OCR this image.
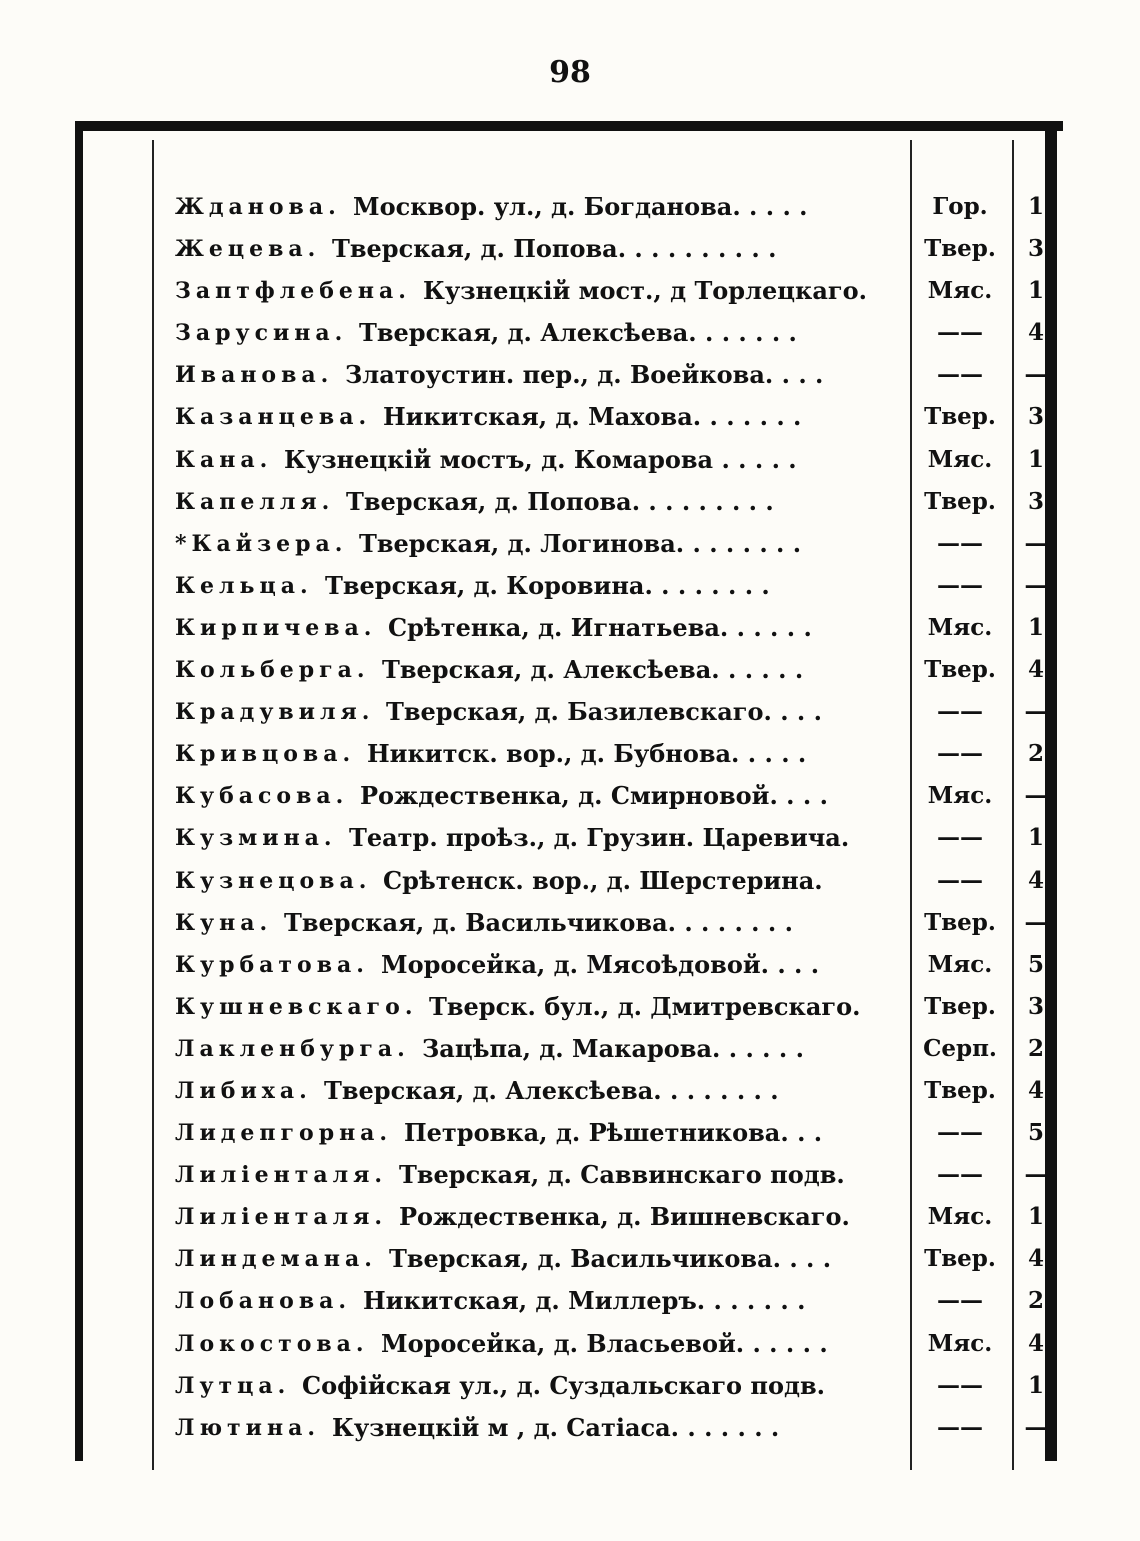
98
Жданова. Москвор. ул., д. Богданова. . . . .	Гор.	1
Жецева. Тверская, д. Попова. . . . . . . . . .	Твер.	3
Заптфлебена. Кузнецкій мост., д Торлецкаго.	Мяс.	1
Зарусина. Тверская, д. Алексѣева. . . . . . .	——	4
Иванова. Златоустин. пер., д. Воейкова. . . .	——	—
Казанцева. Никитская, д. Махова. . . . . . .	Твер.	3
Кана. Кузнецкій мостъ, д. Комарова . . . . .	Мяс.	1
Капелля. Тверская, д. Попова. . . . . . . . .	Твер.	3
*Кайзера. Тверская, д. Логинова. . . . . . . .	——	—
Кельца. Тверская, д. Коровина. . . . . . . .	——	—
Кирпичева. Срѣтенка, д. Игнатьева. . . . . .	Мяс.	1
Кольберга. Тверская, д. Алексѣева. . . . . .	Твер.	4
Крадувиля. Тверская, д. Базилевскаго. . . .	——	—
Кривцова. Никитск. вор., д. Бубнова. . . . .	——	2
Кубасова. Рождественка, д. Смирновой. . . .	Мяс.	—
Кузмина. Театр. проѣз., д. Грузин. Царевича.	——	1
Кузнецова. Срѣтенск. вор., д. Шерстерина.	——	4
Куна. Тверская, д. Васильчикова. . . . . . . .	Твер.	—
Курбатова. Моросейка, д. Мясоѣдовой. . . .	Мяс.	5
Кушневскаго. Тверск. бул., д. Дмитревскаго.	Твер.	3
Лакленбурга. Зацѣпа, д. Макарова. . . . . .	Серп.	2
Либиха. Тверская, д. Алексѣева. . . . . . . .	Твер.	4
Лидепгорна. Петровка, д. Рѣшетникова. . .	——	5
Лиліенталя. Тверская, д. Саввинскаго подв.	——	—
Лиліенталя. Рождественка, д. Вишневскаго.	Мяс.	1
Линдемана. Тверская, д. Васильчикова. . . .	Твер.	4
Лобанова. Никитская, д. Миллеръ. . . . . . .	——	2
Локостова. Моросейка, д. Власьевой. . . . . .	Мяс.	4
Лутца. Софійская ул., д. Суздальскаго подв.	——	1
Лютина. Кузнецкій м , д. Сатіаса. . . . . . .	——	—
